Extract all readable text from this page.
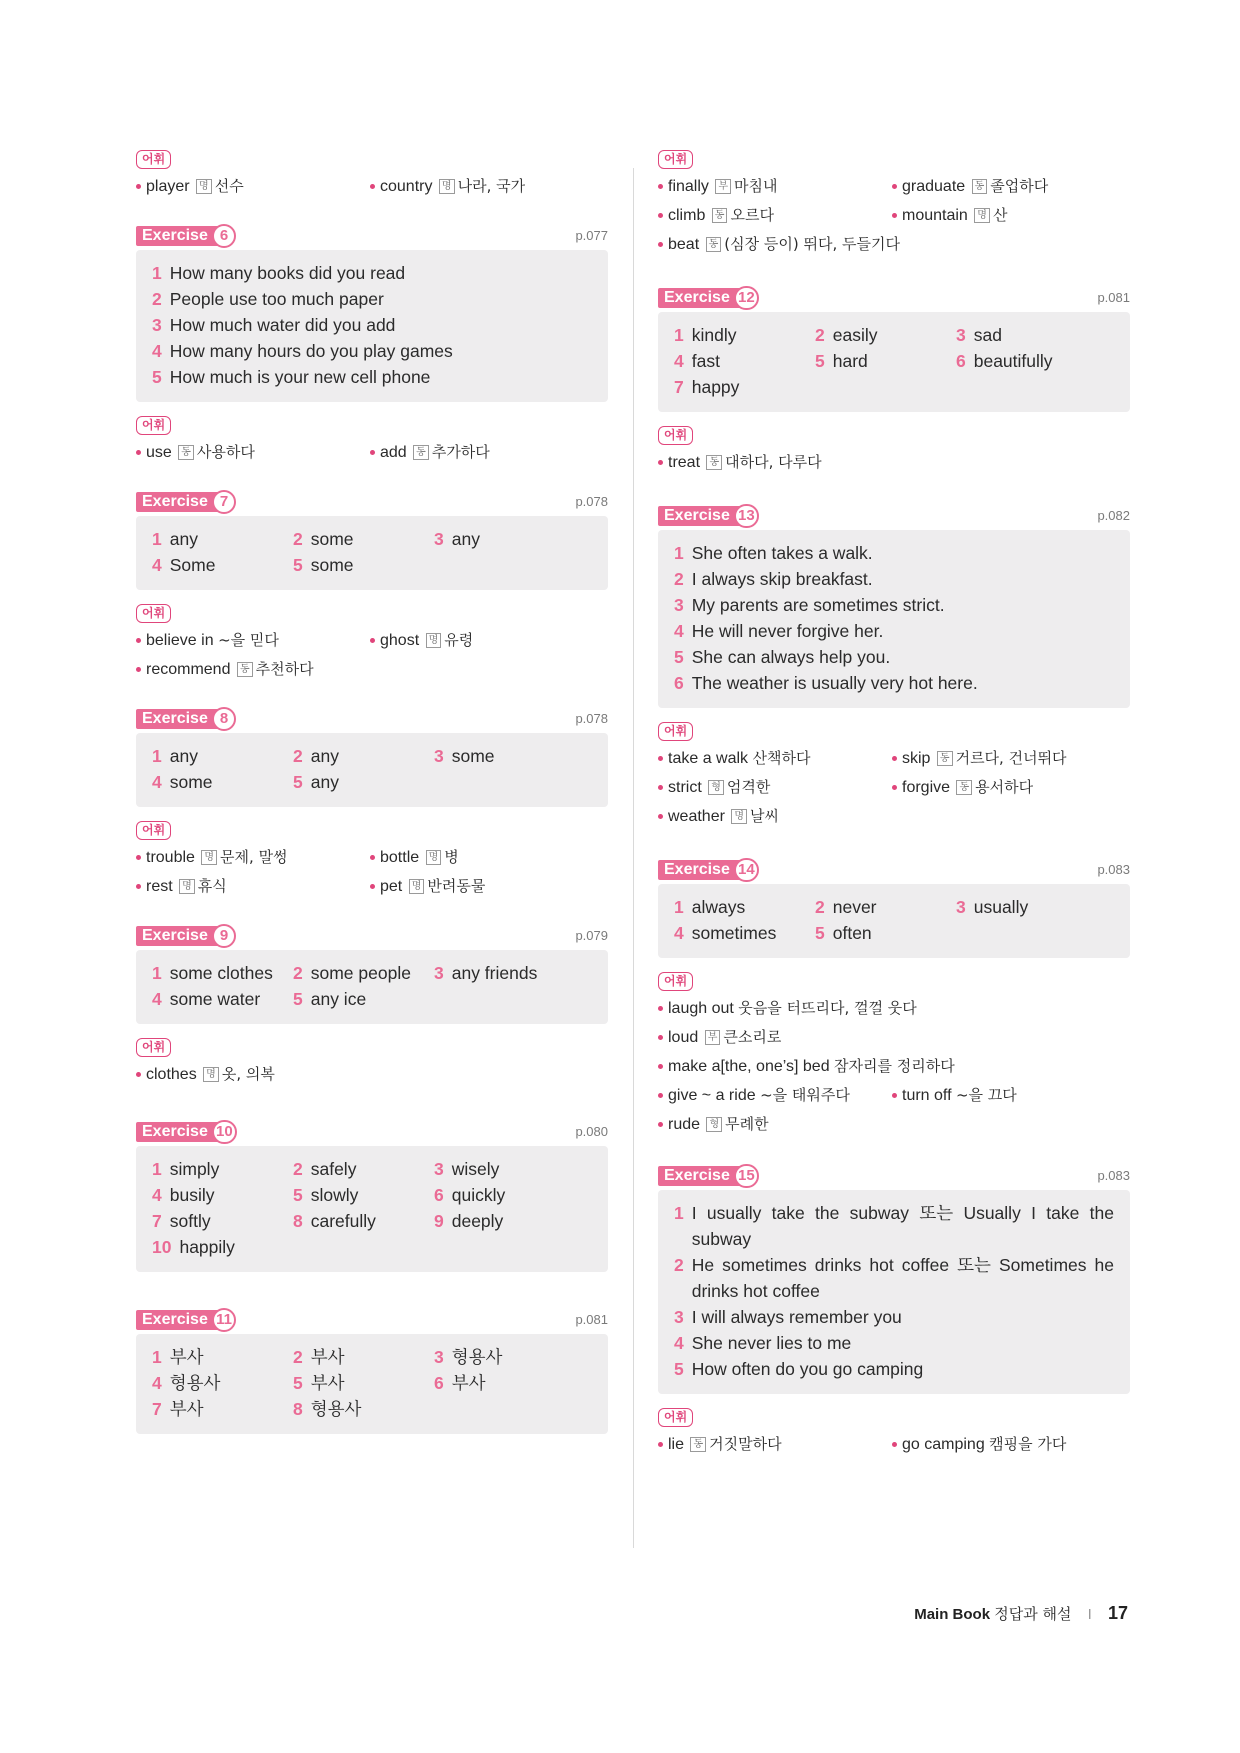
어휘
player 명 선수	country 명 나라, 국가
Exercise 6	p.077
1 How many books did you read
2 People use too much paper
3 How much water did you add
4 How many hours do you play games
5 How much is your new cell phone
어휘
use 동 사용하다	add 동 추가하다
Exercise 7	p.078
1 any	2 some	3 any
4 Some	5 some
어휘
believe in ~을 믿다	ghost 명 유령
recommend 동 추천하다
Exercise 8	p.078
1 any	2 any	3 some
4 some	5 any
어휘
trouble 명 문제, 말썽	bottle 명 병
rest 명 휴식	pet 명 반려동물
Exercise 9	p.079
1 some clothes	2 some people	3 any friends
4 some water	5 any ice
어휘
clothes 명 옷, 의복
Exercise 10	p.080
1 simply	2 safely	3 wisely
4 busily	5 slowly	6 quickly
7 softly	8 carefully	9 deeply
10 happily
Exercise 11	p.081
1 부사	2 부사	3 형용사
4 형용사	5 부사	6 부사
7 부사	8 형용사
어휘
finally 부 마침내	graduate 동 졸업하다
climb 동 오르다	mountain 명 산
beat 동 (심장 등이) 뛰다, 두들기다
Exercise 12	p.081
1 kindly	2 easily	3 sad
4 fast	5 hard	6 beautifully
7 happy
어휘
treat 동 대하다, 다루다
Exercise 13	p.082
1 She often takes a walk.
2 I always skip breakfast.
3 My parents are sometimes strict.
4 He will never forgive her.
5 She can always help you.
6 The weather is usually very hot here.
어휘
take a walk 산책하다	skip 동 거르다, 건너뛰다
strict 형 엄격한	forgive 동 용서하다
weather 명 날씨
Exercise 14	p.083
1 always	2 never	3 usually
4 sometimes	5 often
어휘
laugh out 웃음을 터뜨리다, 껄껄 웃다
loud 부 큰소리로
make a[the, one’s] bed 잠자리를 정리하다
give ~ a ride ~을 태워주다	turn off ~을 끄다
rude 형 무례한
Exercise 15	p.083
1 I usually take the subway 또는 Usually I take the subway
2 He sometimes drinks hot coffee 또는 Sometimes he drinks hot coffee
3 I will always remember you
4 She never lies to me
5 How often do you go camping
어휘
lie 동 거짓말하다	go camping 캠핑을 가다
Main Book 정답과 해설 I 17
